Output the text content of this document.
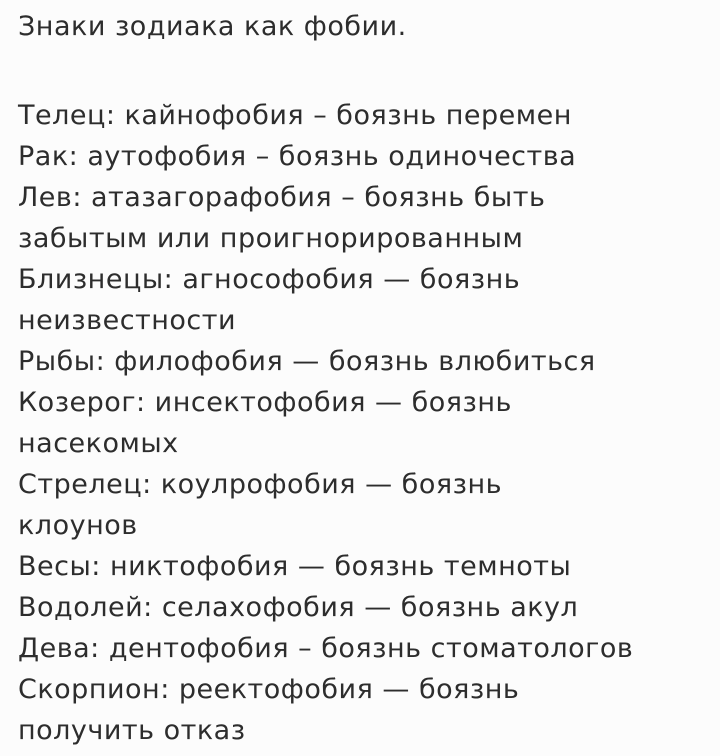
Знаки зодиака как фобии.
Телец: кайнофобия – боязнь перемен
Рак: аутофобия – боязнь одиночества
Лев: атазагорафобия – боязнь быть
забытым или проигнорированным
Близнецы: агнософобия — боязнь
неизвестности
Рыбы: филофобия — боязнь влюбиться
Козерог: инсектофобия — боязнь
насекомых
Стрелец: коулрофобия — боязнь
клоунов
Весы: никтофобия — боязнь темноты
Водолей: селахофобия — боязнь акул
Дева: дентофобия – боязнь стоматологов
Скорпион: реектофобия — боязнь
получить отказ
